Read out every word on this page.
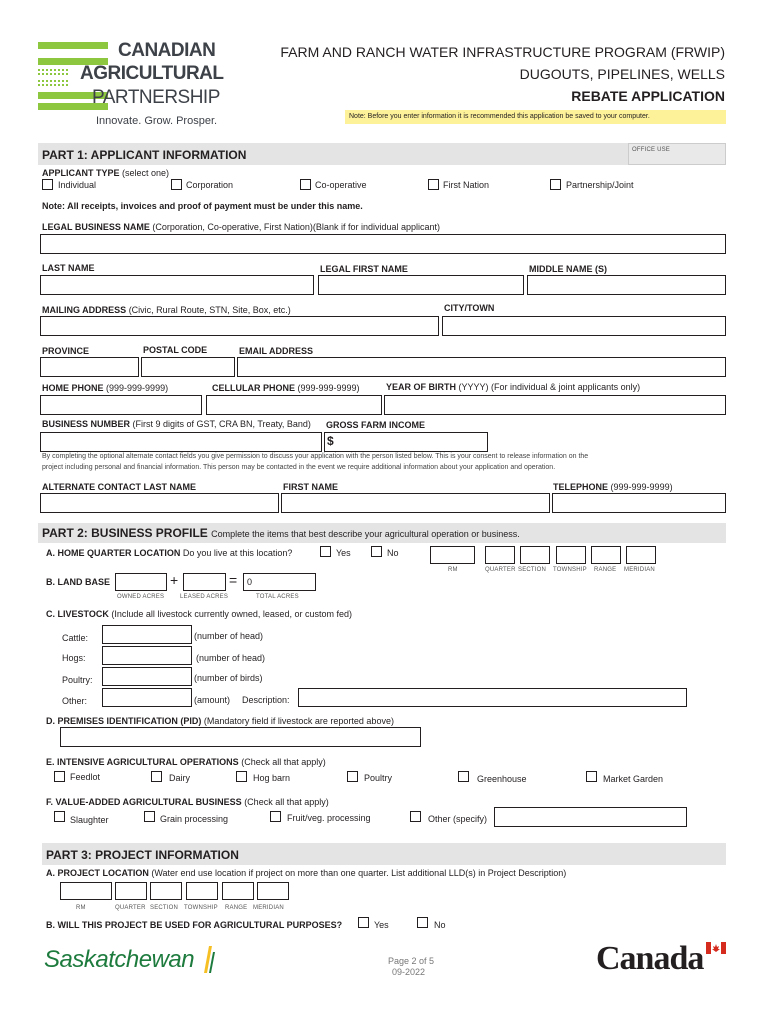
CANADIAN
AGRICULTURAL
PARTNERSHIP
Innovate. Grow. Prosper.
FARM AND RANCH WATER INFRASTRUCTURE PROGRAM (FRWIP)
DUGOUTS, PIPELINES, WELLS
REBATE APPLICATION
Note: Before you enter information it is recommended this application be saved to your computer.
PART 1: APPLICANT INFORMATION	OFFICE USE
APPLICANT TYPE (select one)
Individual	Corporation	Co-operative	First Nation	Partnership/Joint
Note: All receipts, invoices and proof of payment must be under this name.
LEGAL BUSINESS NAME (Corporation, Co-operative, First Nation)(Blank if for individual applicant)
LAST NAME	LEGAL FIRST NAME	MIDDLE NAME (S)
MAILING ADDRESS (Civic, Rural Route, STN, Site, Box, etc.)	CITY/TOWN
PROVINCE	POSTAL CODE	EMAIL ADDRESS
HOME PHONE (999-999-9999)	CELLULAR PHONE (999-999-9999)	YEAR OF BIRTH (YYYY) (For individual & joint applicants only)
BUSINESS NUMBER (First 9 digits of GST, CRA BN, Treaty, Band) GROSS FARM INCOME
$
By completing the optional alternate contact fields you give permission to discuss your application with the person listed below. This is your consent to release information on the
project including personal and financial information. This person may be contacted in the event we require additional information about your application and operation.
ALTERNATE CONTACT LAST NAME	FIRST NAME	TELEPHONE (999-999-9999)
PART 2: BUSINESS PROFILE Complete the items that best describe your agricultural operation or business.
A. HOME QUARTER LOCATION Do you live at this location?	Yes	No
RM	QUARTER SECTION TOWNSHIP RANGE MERIDIAN
B. LAND BASE	+	= 0
OWNED ACRES	LEASED ACRES	TOTAL ACRES
C. LIVESTOCK (Include all livestock currently owned, leased, or custom fed)
Cattle:	(number of head)
Hogs:	(number of head)
Poultry:	(number of birds)
Other:	(amount) Description:
D. PREMISES IDENTIFICATION (PID) (Mandatory field if livestock are reported above)
E. INTENSIVE AGRICULTURAL OPERATIONS (Check all that apply)
Feedlot	Dairy	Hog barn	Poultry	Greenhouse	Market Garden
F. VALUE-ADDED AGRICULTURAL BUSINESS (Check all that apply)
Slaughter	Grain processing	Fruit/veg. processing	Other (specify)
PART 3: PROJECT INFORMATION
A. PROJECT LOCATION (Water end use location if project on more than one quarter. List additional LLD(s) in Project Description)
RM	QUARTER SECTION TOWNSHIP RANGE MERIDIAN
B. WILL THIS PROJECT BE USED FOR AGRICULTURAL PURPOSES?	Yes	No
Saskatchewan	Page 2 of 5
09-2022	Canada
